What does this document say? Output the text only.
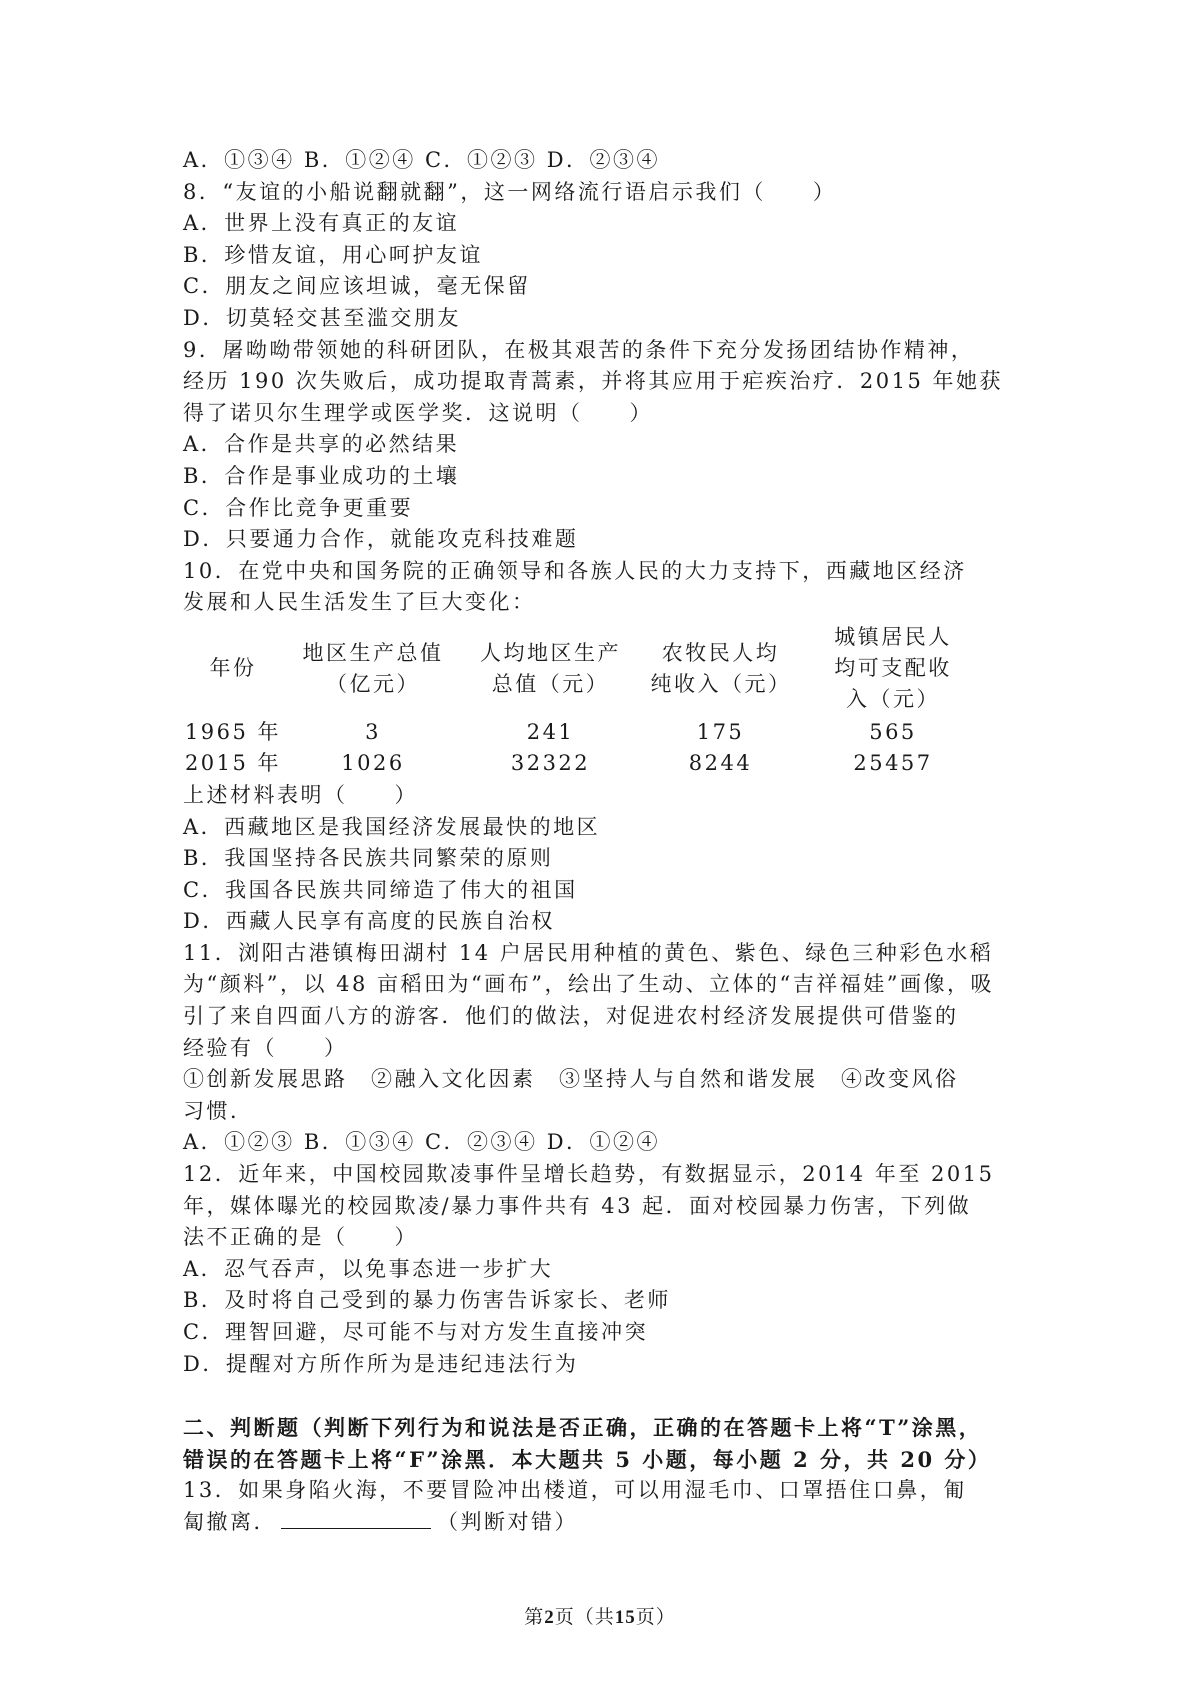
A．①③④ B．①②④ C．①②③ D．②③④
8．“友谊的小船说翻就翻”，这一网络流行语启示我们（　　）
A．世界上没有真正的友谊
B．珍惜友谊，用心呵护友谊
C．朋友之间应该坦诚，毫无保留
D．切莫轻交甚至滥交朋友
9．屠呦呦带领她的科研团队，在极其艰苦的条件下充分发扬团结协作精神，
经历 190 次失败后，成功提取青蒿素，并将其应用于疟疾治疗．2015 年她获
得了诺贝尔生理学或医学奖．这说明（　　）
A．合作是共享的必然结果
B．合作是事业成功的土壤
C．合作比竞争更重要
D．只要通力合作，就能攻克科技难题
10．在党中央和国务院的正确领导和各族人民的大力支持下，西藏地区经济
发展和人民生活发生了巨大变化：
年份	地区生产总值（亿元）	人均地区生产总值（元）	农牧民人均纯收入（元）	城镇居民人均可支配收入（元）
1965 年	3	241	175	565
2015 年	1026	32322	8244	25457
上述材料表明（　　）
A．西藏地区是我国经济发展最快的地区
B．我国坚持各民族共同繁荣的原则
C．我国各民族共同缔造了伟大的祖国
D．西藏人民享有高度的民族自治权
11．浏阳古港镇梅田湖村 14 户居民用种植的黄色、紫色、绿色三种彩色水稻
为“颜料”，以 48 亩稻田为“画布”，绘出了生动、立体的“吉祥福娃”画像，吸
引了来自四面八方的游客．他们的做法，对促进农村经济发展提供可借鉴的
经验有（　　）
①创新发展思路　②融入文化因素　③坚持人与自然和谐发展　④改变风俗
习惯．
A．①②③ B．①③④ C．②③④ D．①②④
12．近年来，中国校园欺凌事件呈增长趋势，有数据显示，2014 年至 2015
年，媒体曝光的校园欺凌/暴力事件共有 43 起．面对校园暴力伤害，下列做
法不正确的是（　　）
A．忍气吞声，以免事态进一步扩大
B．及时将自己受到的暴力伤害告诉家长、老师
C．理智回避，尽可能不与对方发生直接冲突
D．提醒对方所作所为是违纪违法行为
二、判断题（判断下列行为和说法是否正确，正确的在答题卡上将“T”涂黑，
错误的在答题卡上将“F”涂黑．本大题共 5 小题，每小题 2 分，共 20 分）
13．如果身陷火海，不要冒险冲出楼道，可以用湿毛巾、口罩捂住口鼻，匍
匐撤离．	（判断对错）
第2页（共15页）
